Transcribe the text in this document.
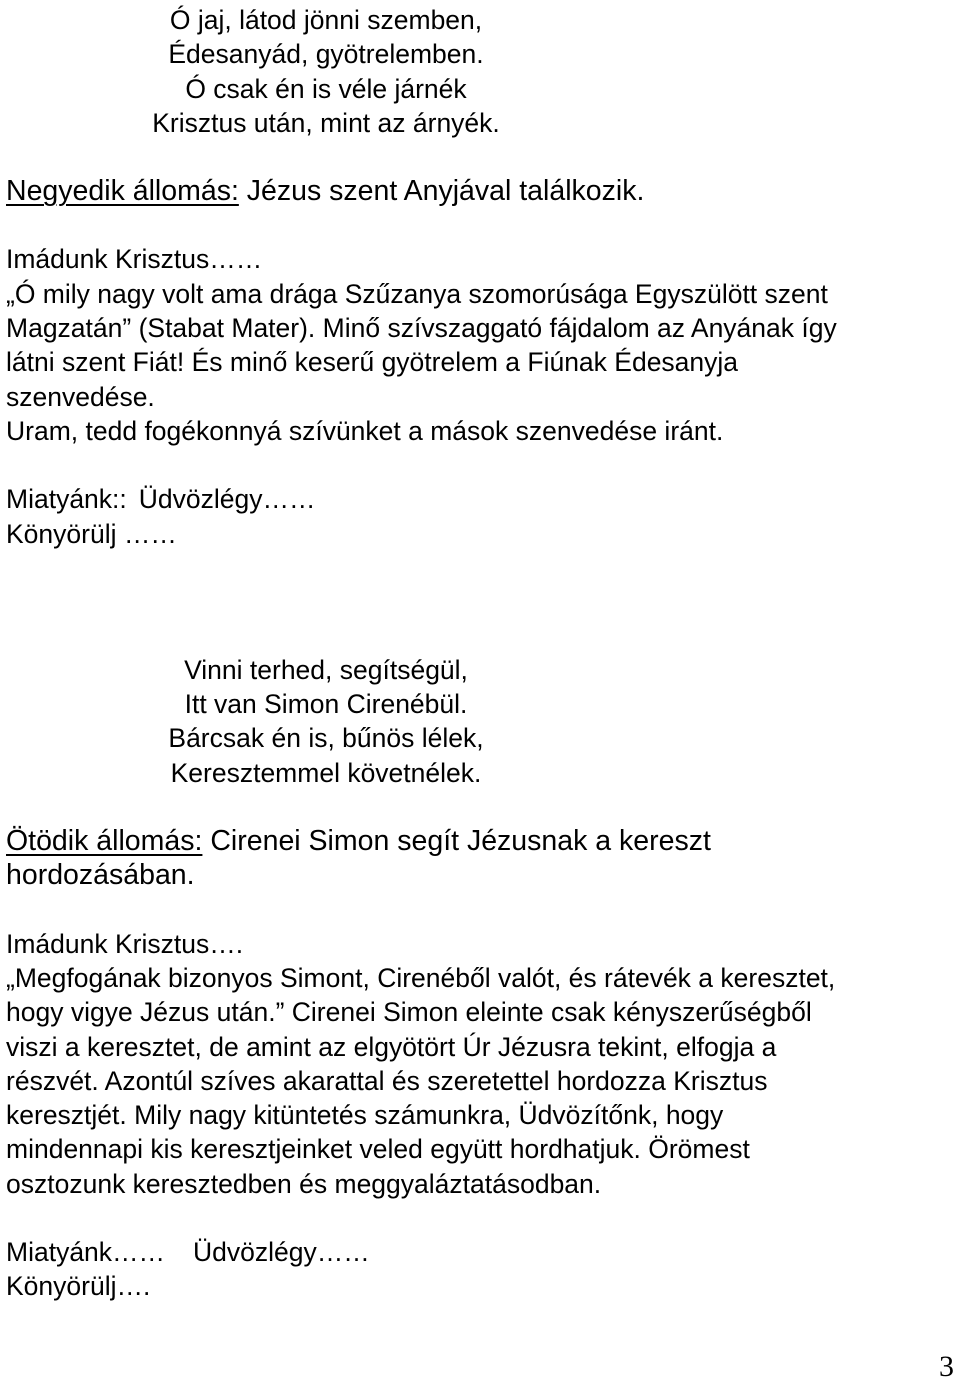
Ó jaj, látod jönni szemben,
Édesanyád, gyötrelemben.
Ó csak én is véle járnék
Krisztus után, mint az árnyék.
Negyedik állomás: Jézus szent Anyjával találkozik.
Imádunk Krisztus……
„Ó mily nagy volt ama drága Szűzanya szomorúsága Egyszülött szent
Magzatán” (Stabat Mater). Minő szívszaggató fájdalom az Anyának így
látni szent Fiát! És minő keserű gyötrelem a Fiúnak Édesanyja
szenvedése.
Uram, tedd fogékonnyá szívünket a mások szenvedése iránt.
Miatyánk:: Üdvözlégy……
Könyörülj ……
Vinni terhed, segítségül,
Itt van Simon Cirenébül.
Bárcsak én is, bűnös lélek,
Keresztemmel követnélek.
Ötödik állomás: Cirenei Simon segít Jézusnak a kereszt
hordozásában.
Imádunk Krisztus….
„Megfogának bizonyos Simont, Cirenéből valót, és rátevék a keresztet,
hogy vigye Jézus után.” Cirenei Simon eleinte csak kényszerűségből
viszi a keresztet, de amint az elgyötört Úr Jézusra tekint, elfogja a
részvét. Azontúl szíves akarattal és szeretettel hordozza Krisztus
keresztjét. Mily nagy kitüntetés számunkra, Üdvözítőnk, hogy
mindennapi kis keresztjeinket veled együtt hordhatjuk. Örömest
osztozunk keresztedben és meggyaláztatásodban.
Miatyánk…… Üdvözlégy……
Könyörülj….
3
